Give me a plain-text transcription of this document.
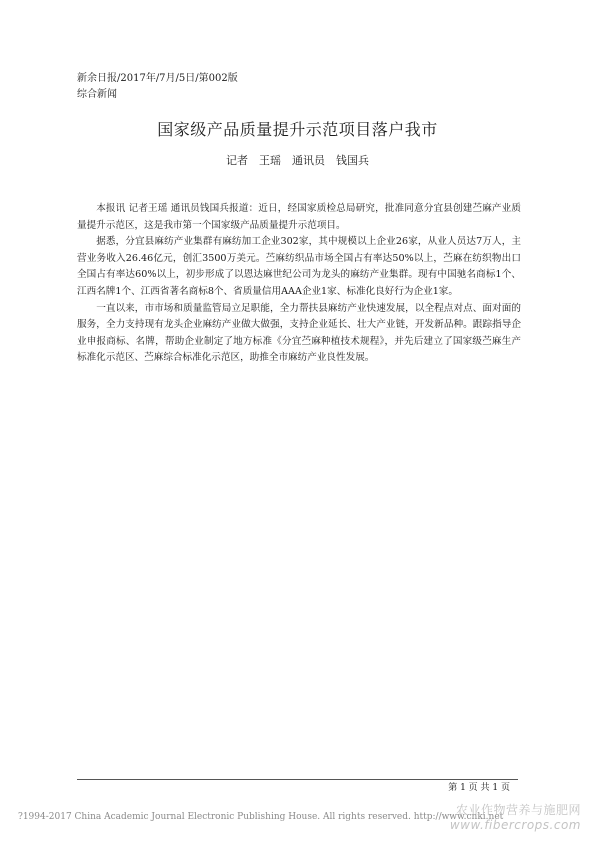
新余日报/2017年/7月/5日/第002版
综合新闻
国家级产品质量提升示范项目落户我市
记者　王瑶　通讯员　钱国兵

本报讯 记者王瑶 通讯员钱国兵报道：近日，经国家质检总局研究，批准同意分宜县创建苎麻产业质量提升示范区，这是我市第一个国家级产品质量提升示范项目。

据悉，分宜县麻纺产业集群有麻纺加工企业302家，其中规模以上企业26家，从业人员达7万人，主营业务收入26.46亿元，创汇3500万美元。苎麻纺织品市场全国占有率达50%以上，苎麻在纺织物出口全国占有率达60%以上，初步形成了以恩达麻世纪公司为龙头的麻纺产业集群。现有中国驰名商标1个、江西名牌1个、江西省著名商标8个、省质量信用AAA企业1家、标准化良好行为企业1家。

一直以来，市市场和质量监管局立足职能，全力帮扶县麻纺产业快速发展，以全程点对点、面对面的服务，全力支持现有龙头企业麻纺产业做大做强，支持企业延长、壮大产业链，开发新品种。跟踪指导企业申报商标、名牌，帮助企业制定了地方标准《分宜苎麻种植技术规程》，并先后建立了国家级苎麻生产标准化示范区、苎麻综合标准化示范区，助推全市麻纺产业良性发展。

第 1 页 共 1 页
?1994-2017 China Academic Journal Electronic Publishing House. All rights reserved. http://www.cnki.net
农业作物营养与施肥网
www.fibercrops.com
